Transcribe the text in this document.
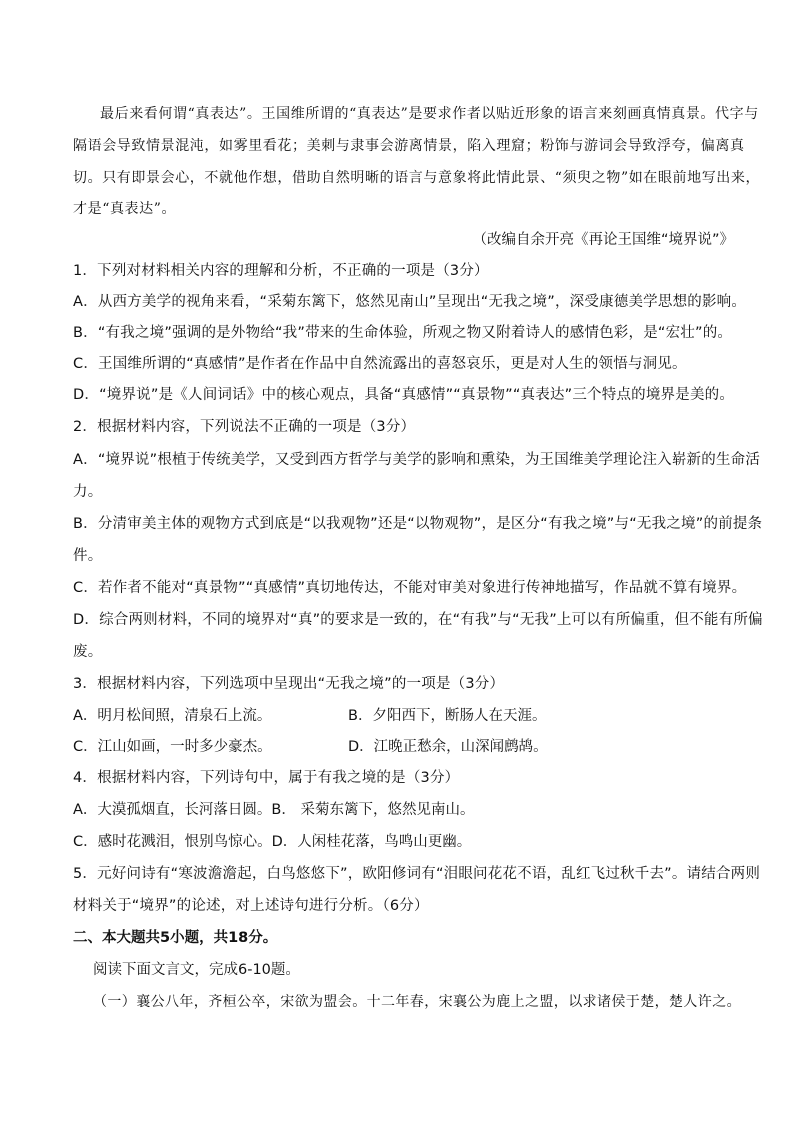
最后来看何谓“真表达”。王国维所谓的“真表达”是要求作者以贴近形象的语言来刻画真情真景。代字与
隔语会导致情景混沌，如雾里看花；美刺与隶事会游离情景，陷入理窟；粉饰与游词会导致浮夸，偏离真
切。只有即景会心，不就他作想，借助自然明晰的语言与意象将此情此景、“须臾之物”如在眼前地写出来，
才是“真表达”。
（改编自余开亮《再论王国维“境界说”》
1．下列对材料相关内容的理解和分析，不正确的一项是（3分）
A．从西方美学的视角来看，“采菊东篱下，悠然见南山”呈现出“无我之境”，深受康德美学思想的影响。
B．“有我之境”强调的是外物给“我”带来的生命体验，所观之物又附着诗人的感情色彩，是“宏壮”的。
C．王国维所谓的“真感情”是作者在作品中自然流露出的喜怒哀乐，更是对人生的领悟与洞见。
D．“境界说”是《人间词话》中的核心观点，具备“真感情”“真景物”“真表达”三个特点的境界是美的。
2．根据材料内容，下列说法不正确的一项是（3分）
A．“境界说”根植于传统美学，又受到西方哲学与美学的影响和熏染，为王国维美学理论注入崭新的生命活
力。
B．分清审美主体的观物方式到底是“以我观物”还是“以物观物”，是区分“有我之境”与“无我之境”的前提条
件。
C．若作者不能对“真景物”“真感情”真切地传达，不能对审美对象进行传神地描写，作品就不算有境界。
D．综合两则材料，不同的境界对“真”的要求是一致的，在“有我”与“无我”上可以有所偏重，但不能有所偏
废。
3．根据材料内容，下列选项中呈现出“无我之境”的一项是（3分）
A．明月松间照，清泉石上流。	B．夕阳西下，断肠人在天涯。
C．江山如画，一时多少豪杰。	D．江晚正愁余，山深闻鹧鸪。
4．根据材料内容，下列诗句中，属于有我之境的是（3分）
A．大漠孤烟直，长河落日圆。B． 采菊东篱下，悠然见南山。
C．感时花溅泪，恨别鸟惊心。D．人闲桂花落，鸟鸣山更幽。
5．元好问诗有“寒波澹澹起，白鸟悠悠下”，欧阳修词有“泪眼问花花不语，乱红飞过秋千去”。请结合两则
材料关于“境界”的论述，对上述诗句进行分析。（6分）
二、本大题共5小题，共18分。
阅读下面文言文，完成6-10题。
（一）襄公八年，齐桓公卒，宋欲为盟会。十二年春，宋襄公为鹿上之盟，以求诸侯于楚，楚人许之。
